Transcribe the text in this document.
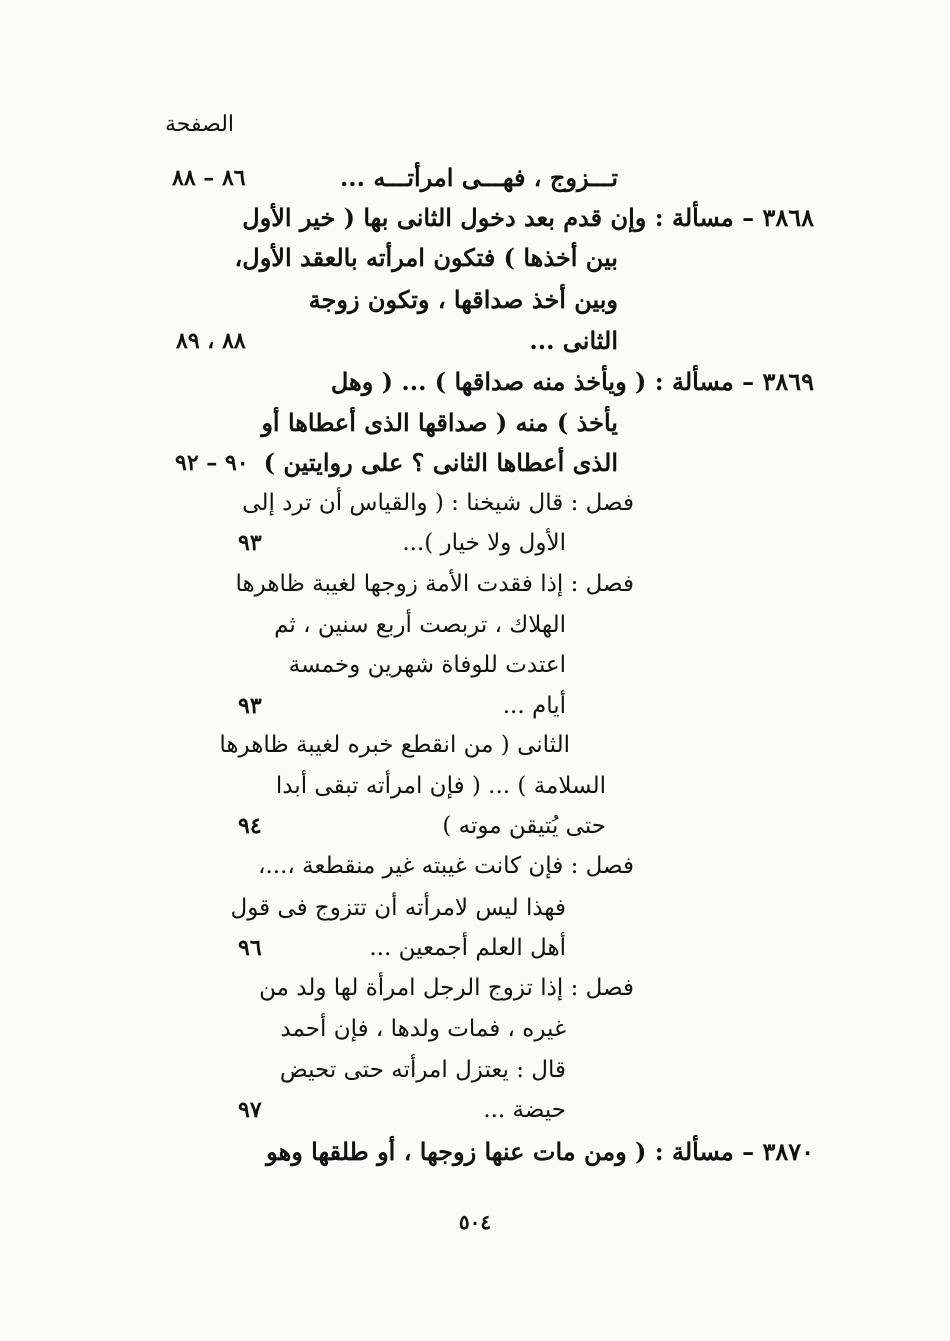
الصفحة
تـــزوج ، فهـــى امرأتـــه ...
٨٦ – ٨٨
٣٨٦٨ – مسألة : وإن قدم بعد دخول الثانى بها ( خير الأول
بين أخذها ) فتكون امرأته بالعقد الأول،
وبين أخذ صداقها ، وتكون زوجة
الثانى ...
٨٨ ، ٨٩
٣٨٦٩ – مسألة : ( ويأخذ منه صداقها ) ... ( وهل
يأخذ ) منه ( صداقها الذى أعطاها أو
الذى أعطاها الثانى ؟ على روايتين )
٩٠ – ٩٢
فصل : قال شيخنا : ( والقياس أن ترد إلى
الأول ولا خيار )...
٩٣
فصل : إذا فقدت الأمة زوجها لغيبة ظاهرها
الهلاك ، تربصت أربع سنين ، ثم
اعتدت للوفاة شهرين وخمسة
أيام ...
٩٣
الثانى ( من انقطع خبره لغيبة ظاهرها
السلامة ) ... ( فإن امرأته تبقى أبدا
حتى يُتيقن موته )
٩٤
فصل : فإن كانت غيبته غير منقطعة ،...،
فهذا ليس لامرأته أن تتزوج فى قول
أهل العلم أجمعين ...
٩٦
فصل : إذا تزوج الرجل امرأة لها ولد من
غيره ، فمات ولدها ، فإن أحمد
قال : يعتزل امرأته حتى تحيض
حيضة ...
٩٧
٣٨٧٠ – مسألة : ( ومن مات عنها زوجها ، أو طلقها وهو
٥٠٤
